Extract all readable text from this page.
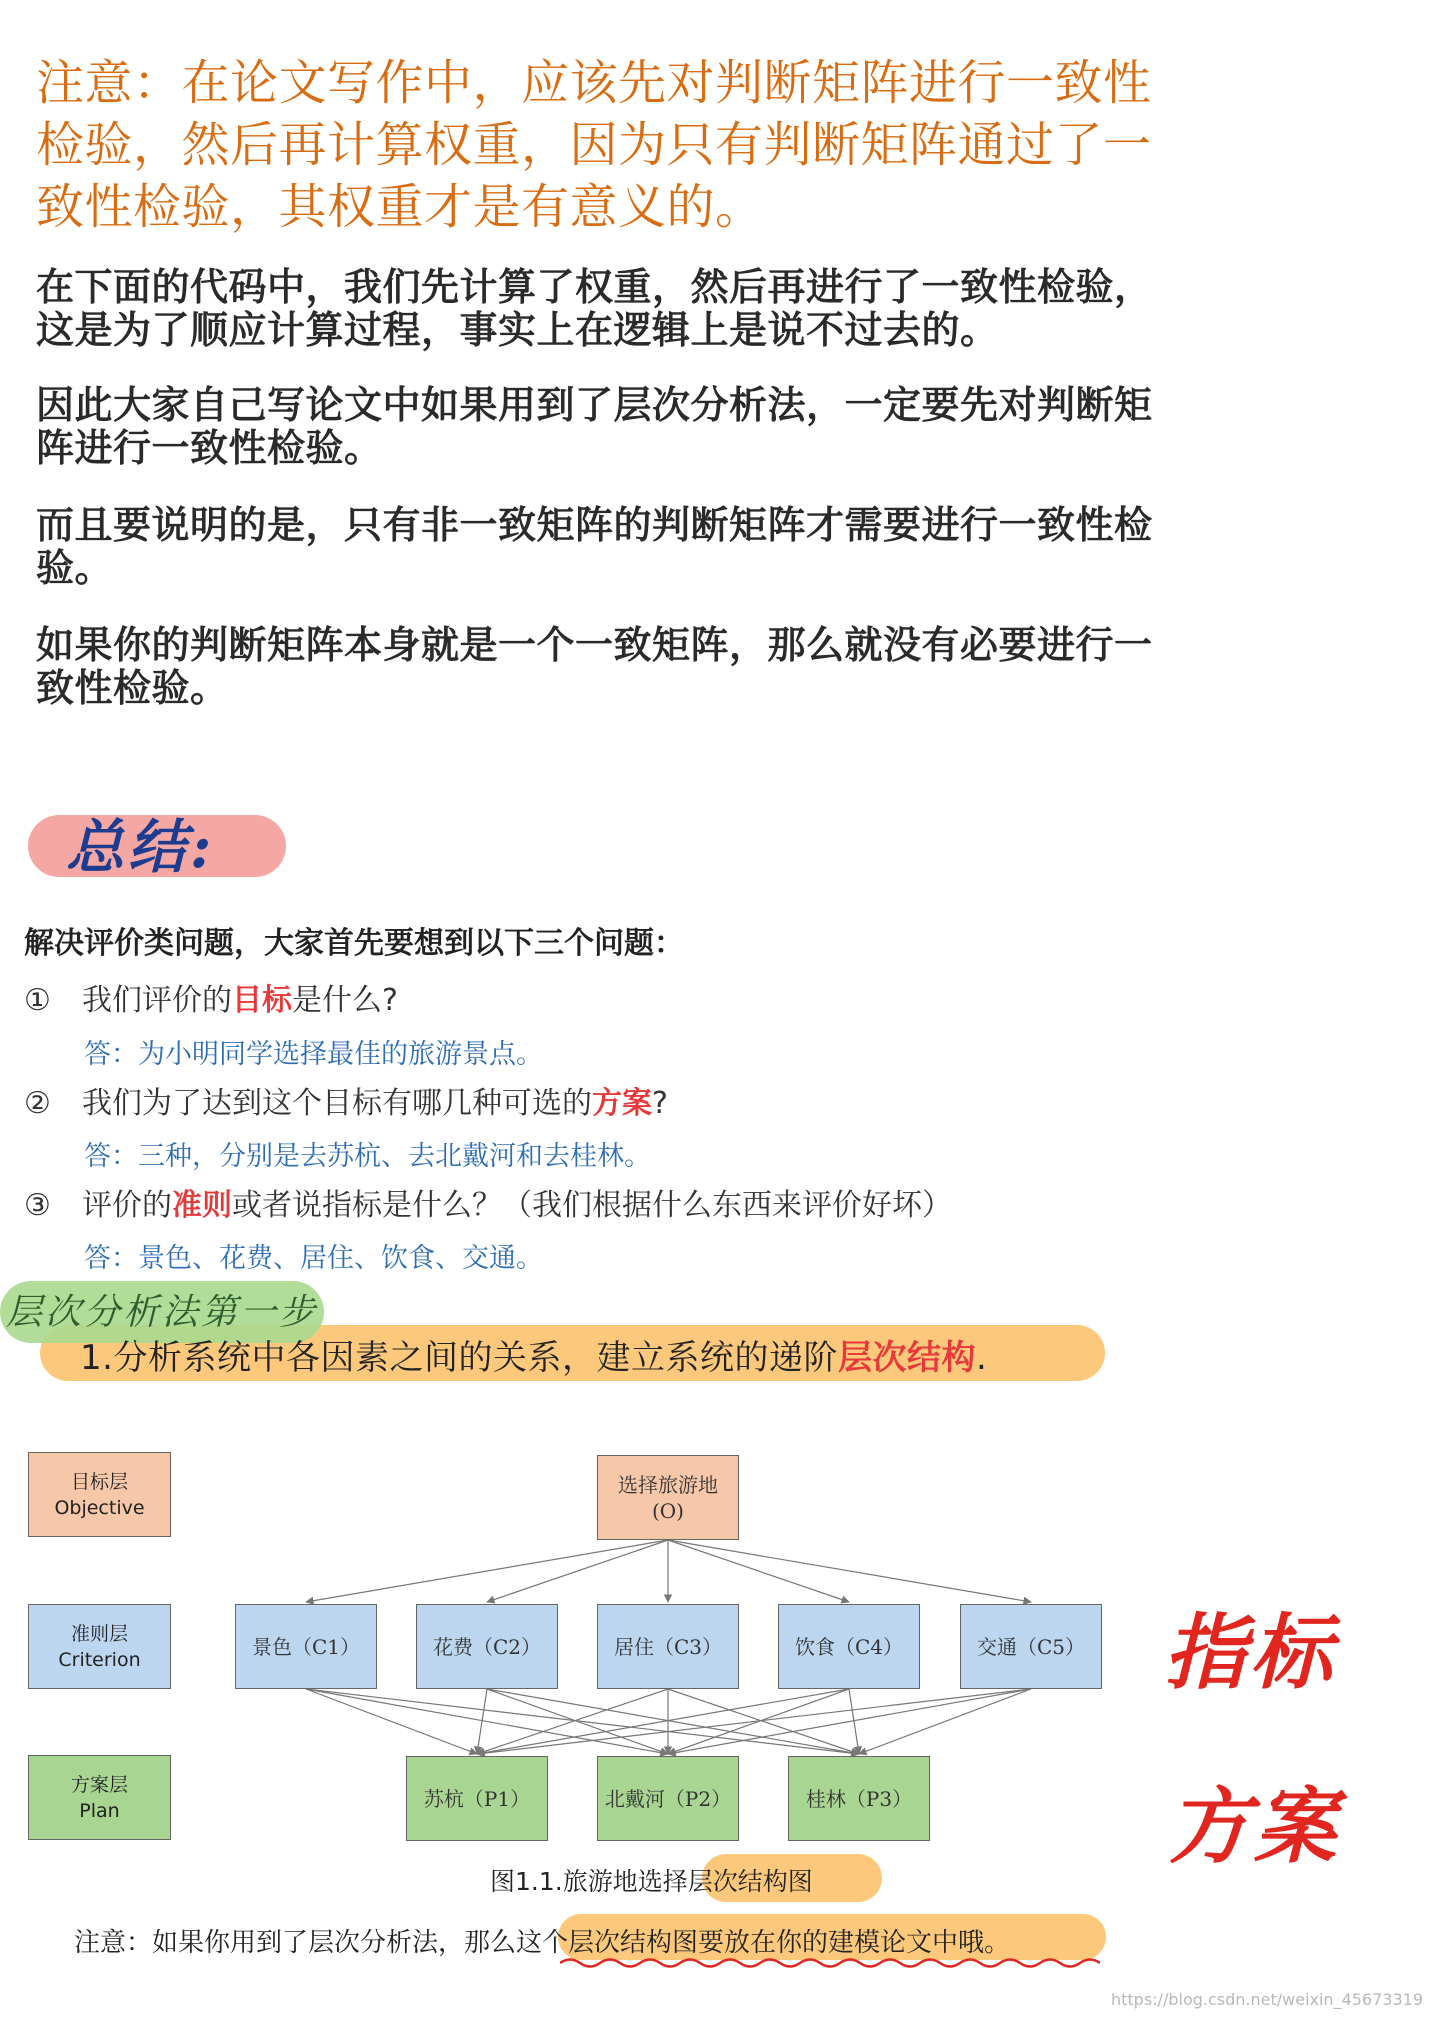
注意：在论文写作中，应该先对判断矩阵进行一致性检验，然后再计算权重，因为只有判断矩阵通过了一致性检验，其权重才是有意义的。
在下面的代码中，我们先计算了权重，然后再进行了一致性检验，这是为了顺应计算过程，事实上在逻辑上是说不过去的。
因此大家自己写论文中如果用到了层次分析法，一定要先对判断矩阵进行一致性检验。
而且要说明的是，只有非一致矩阵的判断矩阵才需要进行一致性检验。
如果你的判断矩阵本身就是一个一致矩阵，那么就没有必要进行一致性检验。
总结:
解决评价类问题，大家首先要想到以下三个问题：
① 我们评价的目标是什么?
答：为小明同学选择最佳的旅游景点。
② 我们为了达到这个目标有哪几种可选的方案?
答：三种，分别是去苏杭、去北戴河和去桂林。
③ 评价的准则或者说指标是什么？（我们根据什么东西来评价好坏）
答：景色、花费、居住、饮食、交通。
层次分析法第一步
1.分析系统中各因素之间的关系，建立系统的递阶层次结构.
目标层
Objective
准则层
Criterion
方案层
Plan
选择旅游地
(O)
景色（C1）	花费（C2）	居住（C3）	饮食（C4）	交通（C5）
苏杭（P1）	北戴河（P2）	桂林（P3）
图1.1.旅游地选择层次结构图
注意：如果你用到了层次分析法，那么这个层次结构图要放在你的建模论文中哦。
指标
方案
https://blog.csdn.net/weixin_45673319
